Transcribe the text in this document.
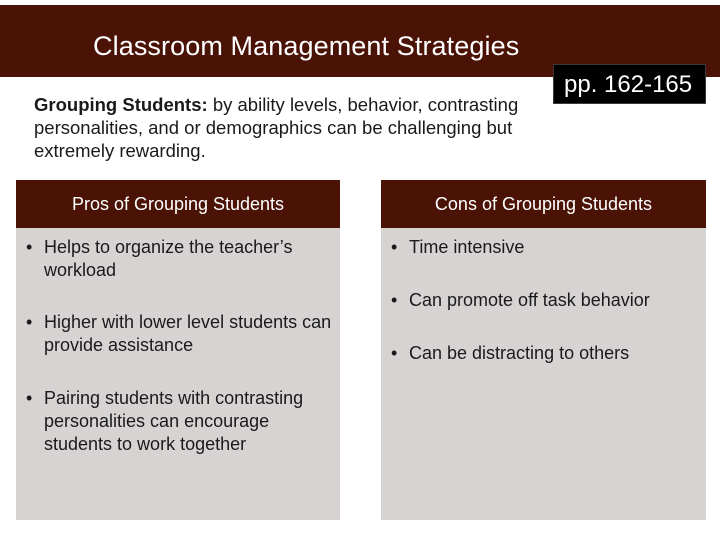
Classroom Management Strategies
pp. 162-165
Grouping Students: by ability levels, behavior, contrasting personalities, and or demographics can be challenging but extremely rewarding.
Pros of Grouping Students
• Helps to organize the teacher’s workload
• Higher with lower level students can provide assistance
• Pairing students with contrasting personalities can encourage students to work together
Cons of Grouping Students
• Time intensive
• Can promote off task behavior
• Can be distracting to others
